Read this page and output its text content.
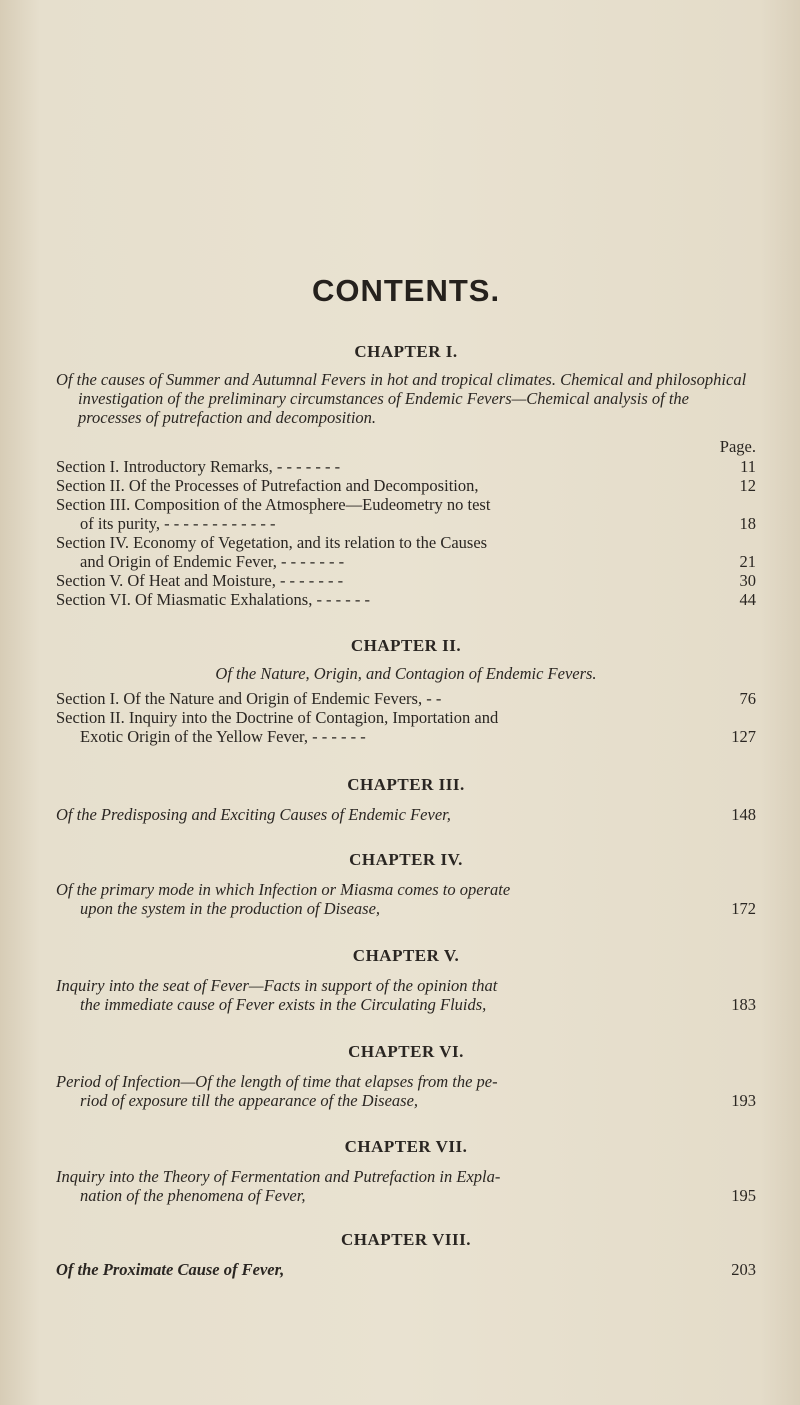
CONTENTS.
CHAPTER I.
Of the causes of Summer and Autumnal Fevers in hot and tropical climates. Chemical and philosophical investigation of the preliminary circumstances of Endemic Fevers—Chemical analysis of the processes of putrefaction and decomposition.
Page.
Section I. Introductory Remarks, - - - - - - -	11
Section II. Of the Processes of Putrefaction and Decomposition,	12
Section III. Composition of the Atmosphere—Eudeometry no test
of its purity, - - - - - - - - - - - -	18
Section IV. Economy of Vegetation, and its relation to the Causes
and Origin of Endemic Fever, - - - - - - -	21
Section V. Of Heat and Moisture, - - - - - - -	30
Section VI. Of Miasmatic Exhalations, - - - - - -	44
CHAPTER II.
Of the Nature, Origin, and Contagion of Endemic Fevers.
Section I. Of the Nature and Origin of Endemic Fevers, - -	76
Section II. Inquiry into the Doctrine of Contagion, Importation and
Exotic Origin of the Yellow Fever, - - - - - -	127
CHAPTER III.
Of the Predisposing and Exciting Causes of Endemic Fever,	148
CHAPTER IV.
Of the primary mode in which Infection or Miasma comes to operate
upon the system in the production of Disease,	172
CHAPTER V.
Inquiry into the seat of Fever—Facts in support of the opinion that
the immediate cause of Fever exists in the Circulating Fluids,	183
CHAPTER VI.
Period of Infection—Of the length of time that elapses from the pe-
riod of exposure till the appearance of the Disease,	193
CHAPTER VII.
Inquiry into the Theory of Fermentation and Putrefaction in Expla-
nation of the phenomena of Fever,	195
CHAPTER VIII.
Of the Proximate Cause of Fever,	203
